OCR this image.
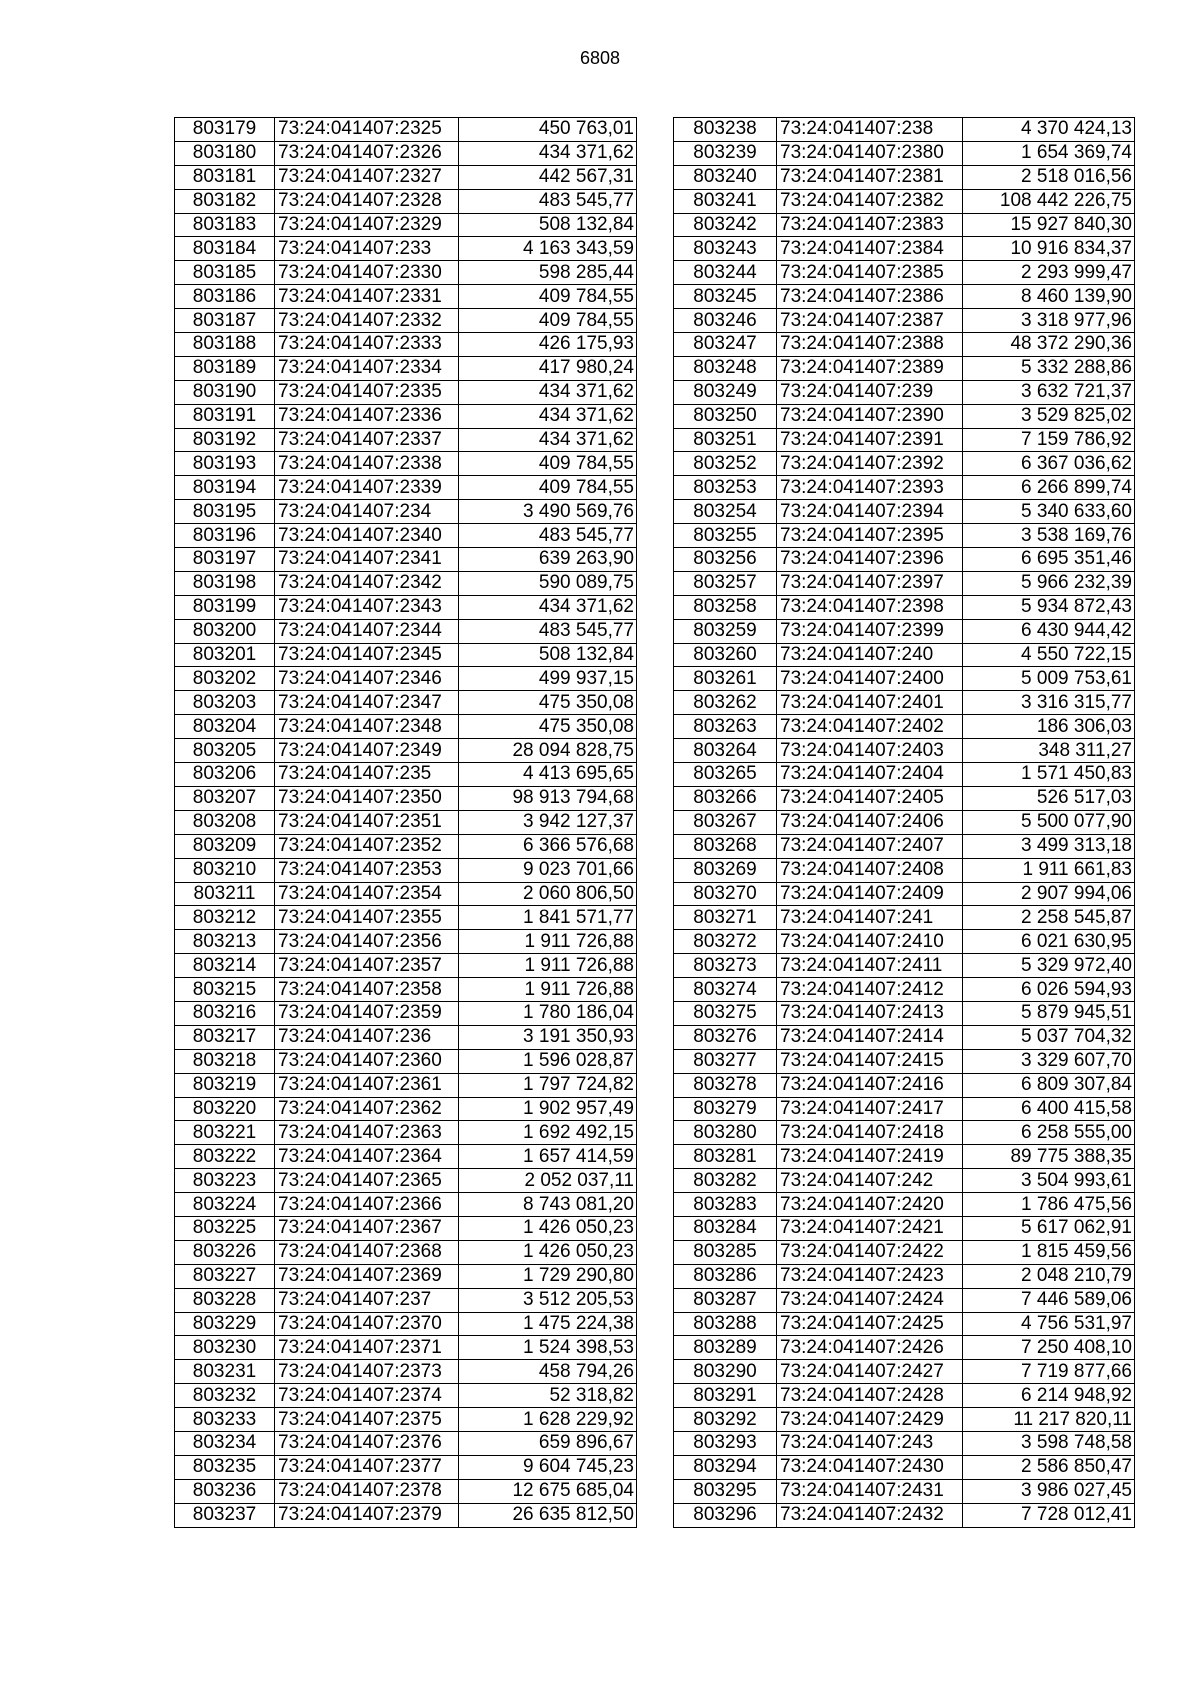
6808
803179	73:24:041407:2325	450 763,01
803180	73:24:041407:2326	434 371,62
803181	73:24:041407:2327	442 567,31
803182	73:24:041407:2328	483 545,77
803183	73:24:041407:2329	508 132,84
803184	73:24:041407:233	4 163 343,59
803185	73:24:041407:2330	598 285,44
803186	73:24:041407:2331	409 784,55
803187	73:24:041407:2332	409 784,55
803188	73:24:041407:2333	426 175,93
803189	73:24:041407:2334	417 980,24
803190	73:24:041407:2335	434 371,62
803191	73:24:041407:2336	434 371,62
803192	73:24:041407:2337	434 371,62
803193	73:24:041407:2338	409 784,55
803194	73:24:041407:2339	409 784,55
803195	73:24:041407:234	3 490 569,76
803196	73:24:041407:2340	483 545,77
803197	73:24:041407:2341	639 263,90
803198	73:24:041407:2342	590 089,75
803199	73:24:041407:2343	434 371,62
803200	73:24:041407:2344	483 545,77
803201	73:24:041407:2345	508 132,84
803202	73:24:041407:2346	499 937,15
803203	73:24:041407:2347	475 350,08
803204	73:24:041407:2348	475 350,08
803205	73:24:041407:2349	28 094 828,75
803206	73:24:041407:235	4 413 695,65
803207	73:24:041407:2350	98 913 794,68
803208	73:24:041407:2351	3 942 127,37
803209	73:24:041407:2352	6 366 576,68
803210	73:24:041407:2353	9 023 701,66
803211	73:24:041407:2354	2 060 806,50
803212	73:24:041407:2355	1 841 571,77
803213	73:24:041407:2356	1 911 726,88
803214	73:24:041407:2357	1 911 726,88
803215	73:24:041407:2358	1 911 726,88
803216	73:24:041407:2359	1 780 186,04
803217	73:24:041407:236	3 191 350,93
803218	73:24:041407:2360	1 596 028,87
803219	73:24:041407:2361	1 797 724,82
803220	73:24:041407:2362	1 902 957,49
803221	73:24:041407:2363	1 692 492,15
803222	73:24:041407:2364	1 657 414,59
803223	73:24:041407:2365	2 052 037,11
803224	73:24:041407:2366	8 743 081,20
803225	73:24:041407:2367	1 426 050,23
803226	73:24:041407:2368	1 426 050,23
803227	73:24:041407:2369	1 729 290,80
803228	73:24:041407:237	3 512 205,53
803229	73:24:041407:2370	1 475 224,38
803230	73:24:041407:2371	1 524 398,53
803231	73:24:041407:2373	458 794,26
803232	73:24:041407:2374	52 318,82
803233	73:24:041407:2375	1 628 229,92
803234	73:24:041407:2376	659 896,67
803235	73:24:041407:2377	9 604 745,23
803236	73:24:041407:2378	12 675 685,04
803237	73:24:041407:2379	26 635 812,50
803238	73:24:041407:238	4 370 424,13
803239	73:24:041407:2380	1 654 369,74
803240	73:24:041407:2381	2 518 016,56
803241	73:24:041407:2382	108 442 226,75
803242	73:24:041407:2383	15 927 840,30
803243	73:24:041407:2384	10 916 834,37
803244	73:24:041407:2385	2 293 999,47
803245	73:24:041407:2386	8 460 139,90
803246	73:24:041407:2387	3 318 977,96
803247	73:24:041407:2388	48 372 290,36
803248	73:24:041407:2389	5 332 288,86
803249	73:24:041407:239	3 632 721,37
803250	73:24:041407:2390	3 529 825,02
803251	73:24:041407:2391	7 159 786,92
803252	73:24:041407:2392	6 367 036,62
803253	73:24:041407:2393	6 266 899,74
803254	73:24:041407:2394	5 340 633,60
803255	73:24:041407:2395	3 538 169,76
803256	73:24:041407:2396	6 695 351,46
803257	73:24:041407:2397	5 966 232,39
803258	73:24:041407:2398	5 934 872,43
803259	73:24:041407:2399	6 430 944,42
803260	73:24:041407:240	4 550 722,15
803261	73:24:041407:2400	5 009 753,61
803262	73:24:041407:2401	3 316 315,77
803263	73:24:041407:2402	186 306,03
803264	73:24:041407:2403	348 311,27
803265	73:24:041407:2404	1 571 450,83
803266	73:24:041407:2405	526 517,03
803267	73:24:041407:2406	5 500 077,90
803268	73:24:041407:2407	3 499 313,18
803269	73:24:041407:2408	1 911 661,83
803270	73:24:041407:2409	2 907 994,06
803271	73:24:041407:241	2 258 545,87
803272	73:24:041407:2410	6 021 630,95
803273	73:24:041407:2411	5 329 972,40
803274	73:24:041407:2412	6 026 594,93
803275	73:24:041407:2413	5 879 945,51
803276	73:24:041407:2414	5 037 704,32
803277	73:24:041407:2415	3 329 607,70
803278	73:24:041407:2416	6 809 307,84
803279	73:24:041407:2417	6 400 415,58
803280	73:24:041407:2418	6 258 555,00
803281	73:24:041407:2419	89 775 388,35
803282	73:24:041407:242	3 504 993,61
803283	73:24:041407:2420	1 786 475,56
803284	73:24:041407:2421	5 617 062,91
803285	73:24:041407:2422	1 815 459,56
803286	73:24:041407:2423	2 048 210,79
803287	73:24:041407:2424	7 446 589,06
803288	73:24:041407:2425	4 756 531,97
803289	73:24:041407:2426	7 250 408,10
803290	73:24:041407:2427	7 719 877,66
803291	73:24:041407:2428	6 214 948,92
803292	73:24:041407:2429	11 217 820,11
803293	73:24:041407:243	3 598 748,58
803294	73:24:041407:2430	2 586 850,47
803295	73:24:041407:2431	3 986 027,45
803296	73:24:041407:2432	7 728 012,41
